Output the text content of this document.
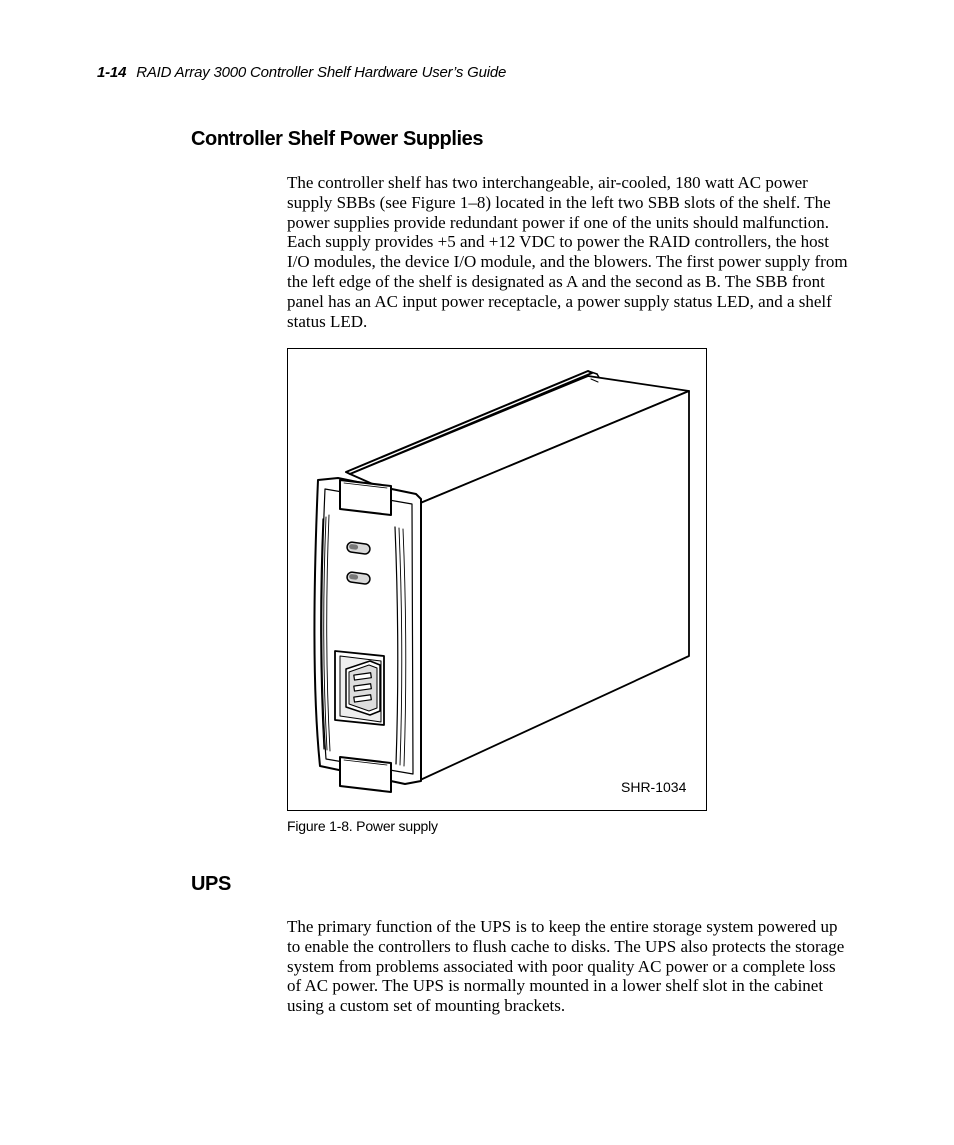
1-14 RAID Array 3000 Controller Shelf Hardware User’s Guide
Controller Shelf Power Supplies

The controller shelf has two interchangeable, air-cooled, 180 watt AC power supply SBBs (see Figure 1–8) located in the left two SBB slots of the shelf. The power supplies provide redundant power if one of the units should malfunction. Each supply provides +5 and +12 VDC to power the RAID controllers, the host I/O modules, the device I/O module, and the blowers. The first power supply from the left edge of the shelf is designated as A and the second as B. The SBB front panel has an AC input power receptacle, a power supply status LED, and a shelf status LED.

SHR-1034
Figure 1-8. Power supply
UPS

The primary function of the UPS is to keep the entire storage system powered up to enable the controllers to flush cache to disks. The UPS also protects the storage system from problems associated with poor quality AC power or a complete loss of AC power. The UPS is normally mounted in a lower shelf slot in the cabinet using a custom set of mounting brackets.
